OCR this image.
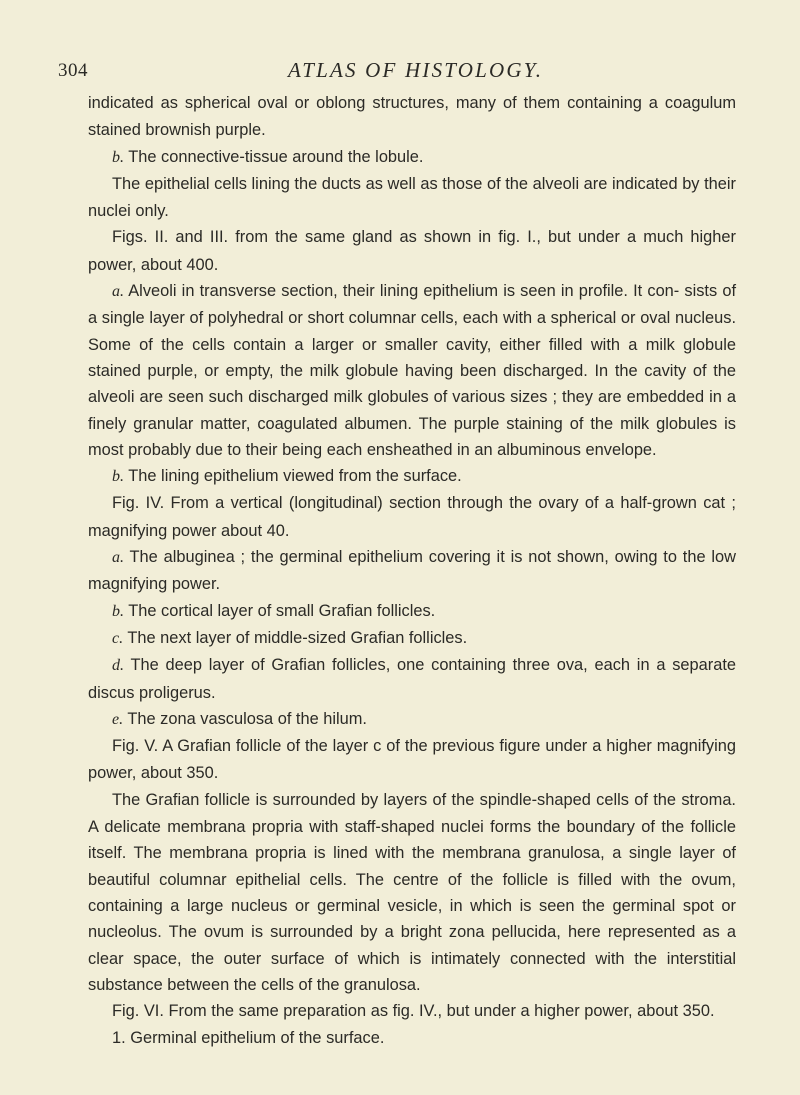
304	ATLAS OF HISTOLOGY.

indicated as spherical oval or oblong structures, many of them containing a coagulum stained brownish purple.

b. The connective-tissue around the lobule.

The epithelial cells lining the ducts as well as those of the alveoli are indicated by their nuclei only.

Figs. II. and III. from the same gland as shown in fig. I., but under a much higher power, about 400.

a. Alveoli in transverse section, their lining epithelium is seen in profile. It con- sists of a single layer of polyhedral or short columnar cells, each with a spherical or oval nucleus. Some of the cells contain a larger or smaller cavity, either filled with a milk globule stained purple, or empty, the milk globule having been discharged. In the cavity of the alveoli are seen such discharged milk globules of various sizes ; they are embedded in a finely granular matter, coagulated albumen. The purple staining of the milk globules is most probably due to their being each ensheathed in an albuminous envelope.

b. The lining epithelium viewed from the surface.

Fig. IV. From a vertical (longitudinal) section through the ovary of a half-grown cat ; magnifying power about 40.

a. The albuginea ; the germinal epithelium covering it is not shown, owing to the low magnifying power.

b. The cortical layer of small Grafian follicles.

c. The next layer of middle-sized Grafian follicles.

d. The deep layer of Grafian follicles, one containing three ova, each in a separate discus proligerus.

e. The zona vasculosa of the hilum.

Fig. V. A Grafian follicle of the layer c of the previous figure under a higher magnifying power, about 350.

The Grafian follicle is surrounded by layers of the spindle-shaped cells of the stroma. A delicate membrana propria with staff-shaped nuclei forms the boundary of the follicle itself. The membrana propria is lined with the membrana granulosa, a single layer of beautiful columnar epithelial cells. The centre of the follicle is filled with the ovum, containing a large nucleus or germinal vesicle, in which is seen the germinal spot or nucleolus. The ovum is surrounded by a bright zona pellucida, here represented as a clear space, the outer surface of which is intimately connected with the interstitial substance between the cells of the granulosa.

Fig. VI. From the same preparation as fig. IV., but under a higher power, about 350.

1. Germinal epithelium of the surface.
